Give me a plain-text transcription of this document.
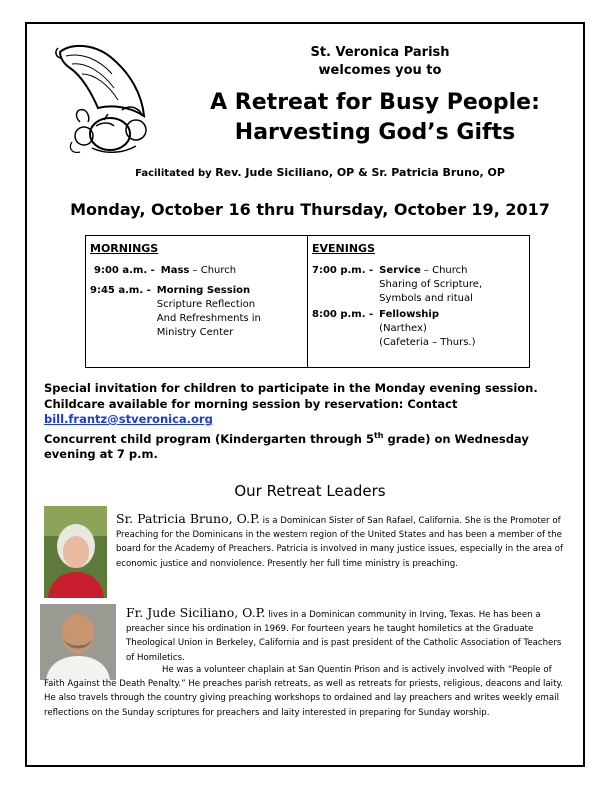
St. Veronica Parish
welcomes you to
A Retreat for Busy People:
Harvesting God’s Gifts
Facilitated by Rev. Jude Siciliano, OP & Sr. Patricia Bruno, OP
Monday, October 16 thru Thursday, October 19, 2017
MORNINGS
9:00 a.m. - Mass – Church
9:45 a.m. - Morning Session
Scripture Reflection
And Refreshments in
Ministry Center
EVENINGS
7:00 p.m. - Service – Church
Sharing of Scripture,
Symbols and ritual
8:00 p.m. - Fellowship
(Narthex)
(Cafeteria – Thurs.)
Special invitation for children to participate in the Monday evening session.
Childcare available for morning session by reservation: Contact
bill.frantz@stveronica.org
Concurrent child program (Kindergarten through 5th grade) on Wednesday evening at 7 p.m.
Our Retreat Leaders
Sr. Patricia Bruno, O.P. is a Dominican Sister of San Rafael, California. She is the Promoter of Preaching for the Dominicans in the western region of the United States and has been a member of the board for the Academy of Preachers. Patricia is involved in many justice issues, especially in the area of economic justice and nonviolence. Presently her full time ministry is preaching.
Fr. Jude Siciliano, O.P. lives in a Dominican community in Irving, Texas. He has been a preacher since his ordination in 1969. For fourteen years he taught homiletics at the Graduate Theological Union in Berkeley, California and is past president of the Catholic Association of Teachers of Homiletics.
He was a volunteer chaplain at San Quentin Prison and is actively involved with “People of Faith Against the Death Penalty.” He preaches parish retreats, as well as retreats for priests, religious, deacons and laity. He also travels through the country giving preaching workshops to ordained and lay preachers and writes weekly email reflections on the Sunday scriptures for preachers and laity interested in preparing for Sunday worship.
